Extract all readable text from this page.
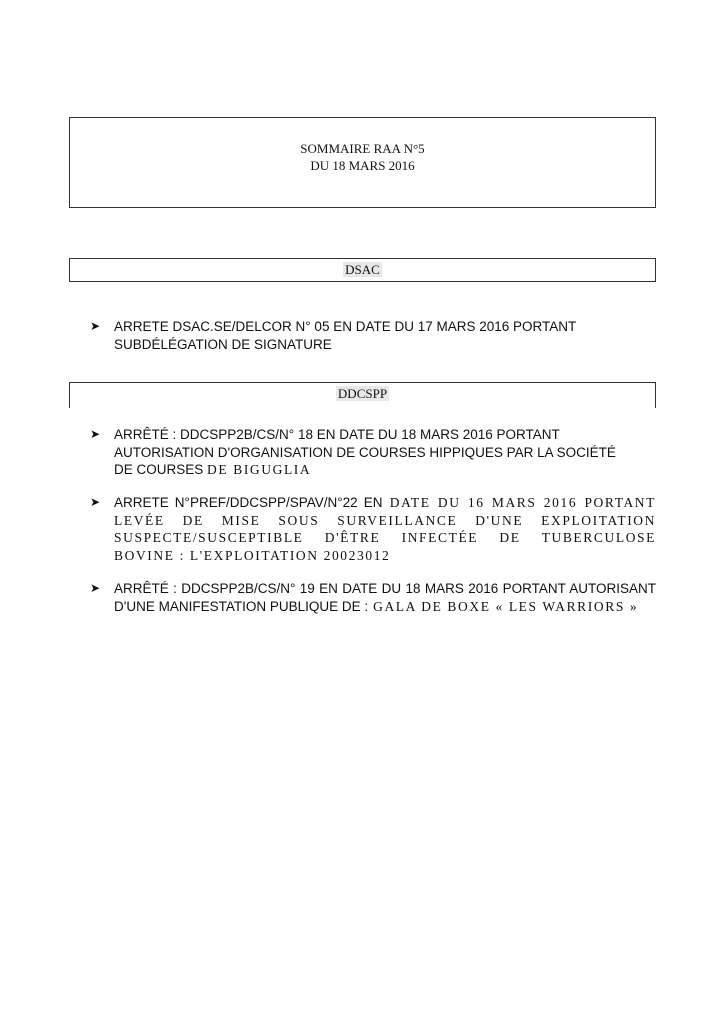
SOMMAIRE RAA N°5
DU 18 MARS 2016
DSAC
➤ ARRETE DSAC.SE/DELCOR N° 05 EN DATE DU 17 MARS 2016 PORTANT SUBDÉLÉGATION DE SIGNATURE
DDCSPP
➤ ARRÊTÉ : DDCSPP2B/CS/N° 18 EN DATE DU 18 MARS 2016 PORTANT AUTORISATION D'ORGANISATION DE COURSES HIPPIQUES PAR LA SOCIÉTÉ DE COURSES DE BIGUGLIA
➤ ARRETE N°PREF/DDCSPP/SPAV/N°22 EN DATE DU 16 MARS 2016 PORTANT LEVÉE DE MISE SOUS SURVEILLANCE D'UNE EXPLOITATION SUSPECTE/SUSCEPTIBLE D'ÊTRE INFECTÉE DE TUBERCULOSE BOVINE : L'EXPLOITATION 20023012
➤ ARRÊTÉ : DDCSPP2B/CS/N° 19 EN DATE DU 18 MARS 2016 PORTANT AUTORISANT D'UNE MANIFESTATION PUBLIQUE DE : GALA DE BOXE « LES WARRIORS »
